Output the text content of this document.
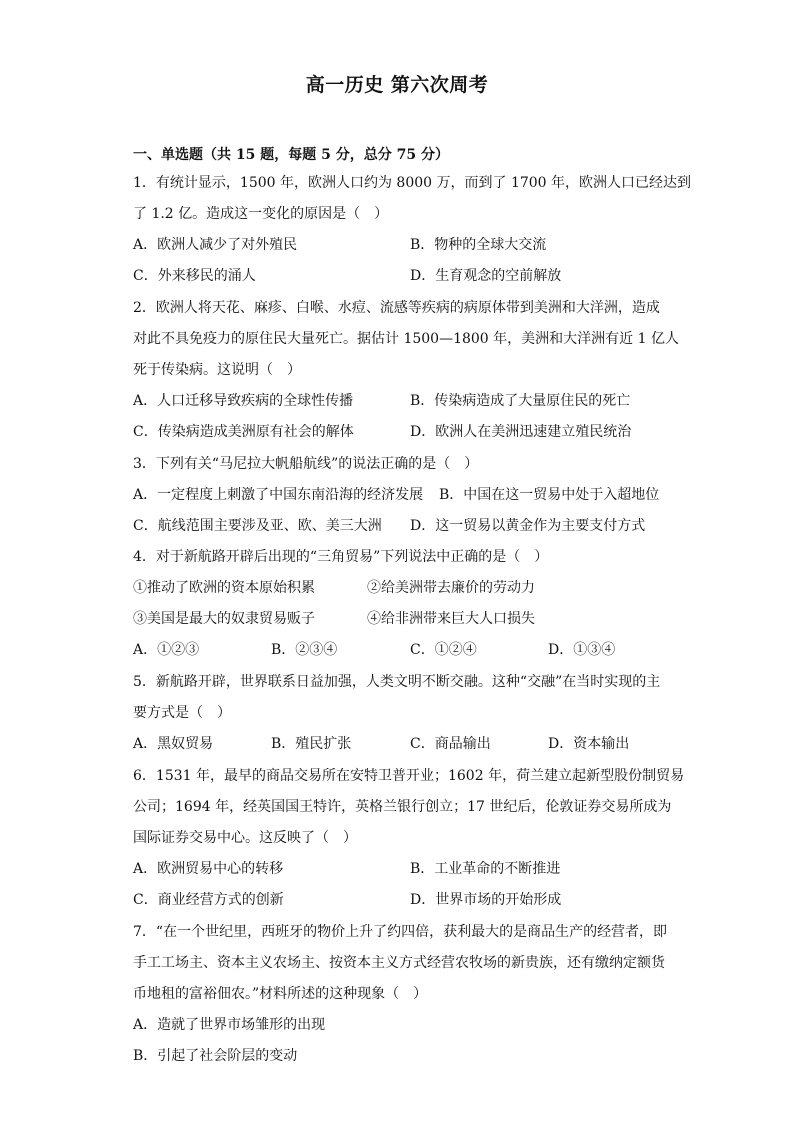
高一历史 第六次周考
一、单选题（共 15 题，每题 5 分，总分 75 分）
1．有统计显示，1500 年，欧洲人口约为 8000 万，而到了 1700 年，欧洲人口已经达到
了 1.2 亿。造成这一变化的原因是（　）
A．欧洲人减少了对外殖民	B．物种的全球大交流
C．外来移民的涌人	D．生育观念的空前解放
2．欧洲人将天花、麻疹、白喉、水痘、流感等疾病的病原体带到美洲和大洋洲，造成
对此不具免疫力的原住民大量死亡。据估计 1500—1800 年，美洲和大洋洲有近 1 亿人
死于传染病。这说明（　）
A．人口迁移导致疾病的全球性传播	B．传染病造成了大量原住民的死亡
C．传染病造成美洲原有社会的解体	D．欧洲人在美洲迅速建立殖民统治
3．下列有关“马尼拉大帆船航线”的说法正确的是（　）
A．一定程度上刺激了中国东南沿海的经济发展 B．中国在这一贸易中处于入超地位
C．航线范围主要涉及亚、欧、美三大洲 D．这一贸易以黄金作为主要支付方式
4．对于新航路开辟后出现的“三角贸易”下列说法中正确的是（　）
①推动了欧洲的资本原始积累	②给美洲带去廉价的劳动力
③美国是最大的奴隶贸易贩子	④给非洲带来巨大人口损失
A．①②③	B．②③④	C．①②④	D．①③④
5．新航路开辟，世界联系日益加强，人类文明不断交融。这种“交融”在当时实现的主
要方式是（　）
A．黑奴贸易	B．殖民扩张	C．商品输出	D．资本输出
6．1531 年，最早的商品交易所在安特卫普开业；1602 年，荷兰建立起新型股份制贸易
公司；1694 年，经英国国王特许，英格兰银行创立；17 世纪后，伦敦证券交易所成为
国际证券交易中心。这反映了（　）
A．欧洲贸易中心的转移	B．工业革命的不断推进
C．商业经营方式的创新	D．世界市场的开始形成
7．“在一个世纪里，西班牙的物价上升了约四倍，获利最大的是商品生产的经营者，即
手工工场主、资本主义农场主、按资本主义方式经营农牧场的新贵族，还有缴纳定额货
币地租的富裕佃农。”材料所述的这种现象（　）
A．造就了世界市场雏形的出现
B．引起了社会阶层的变动
